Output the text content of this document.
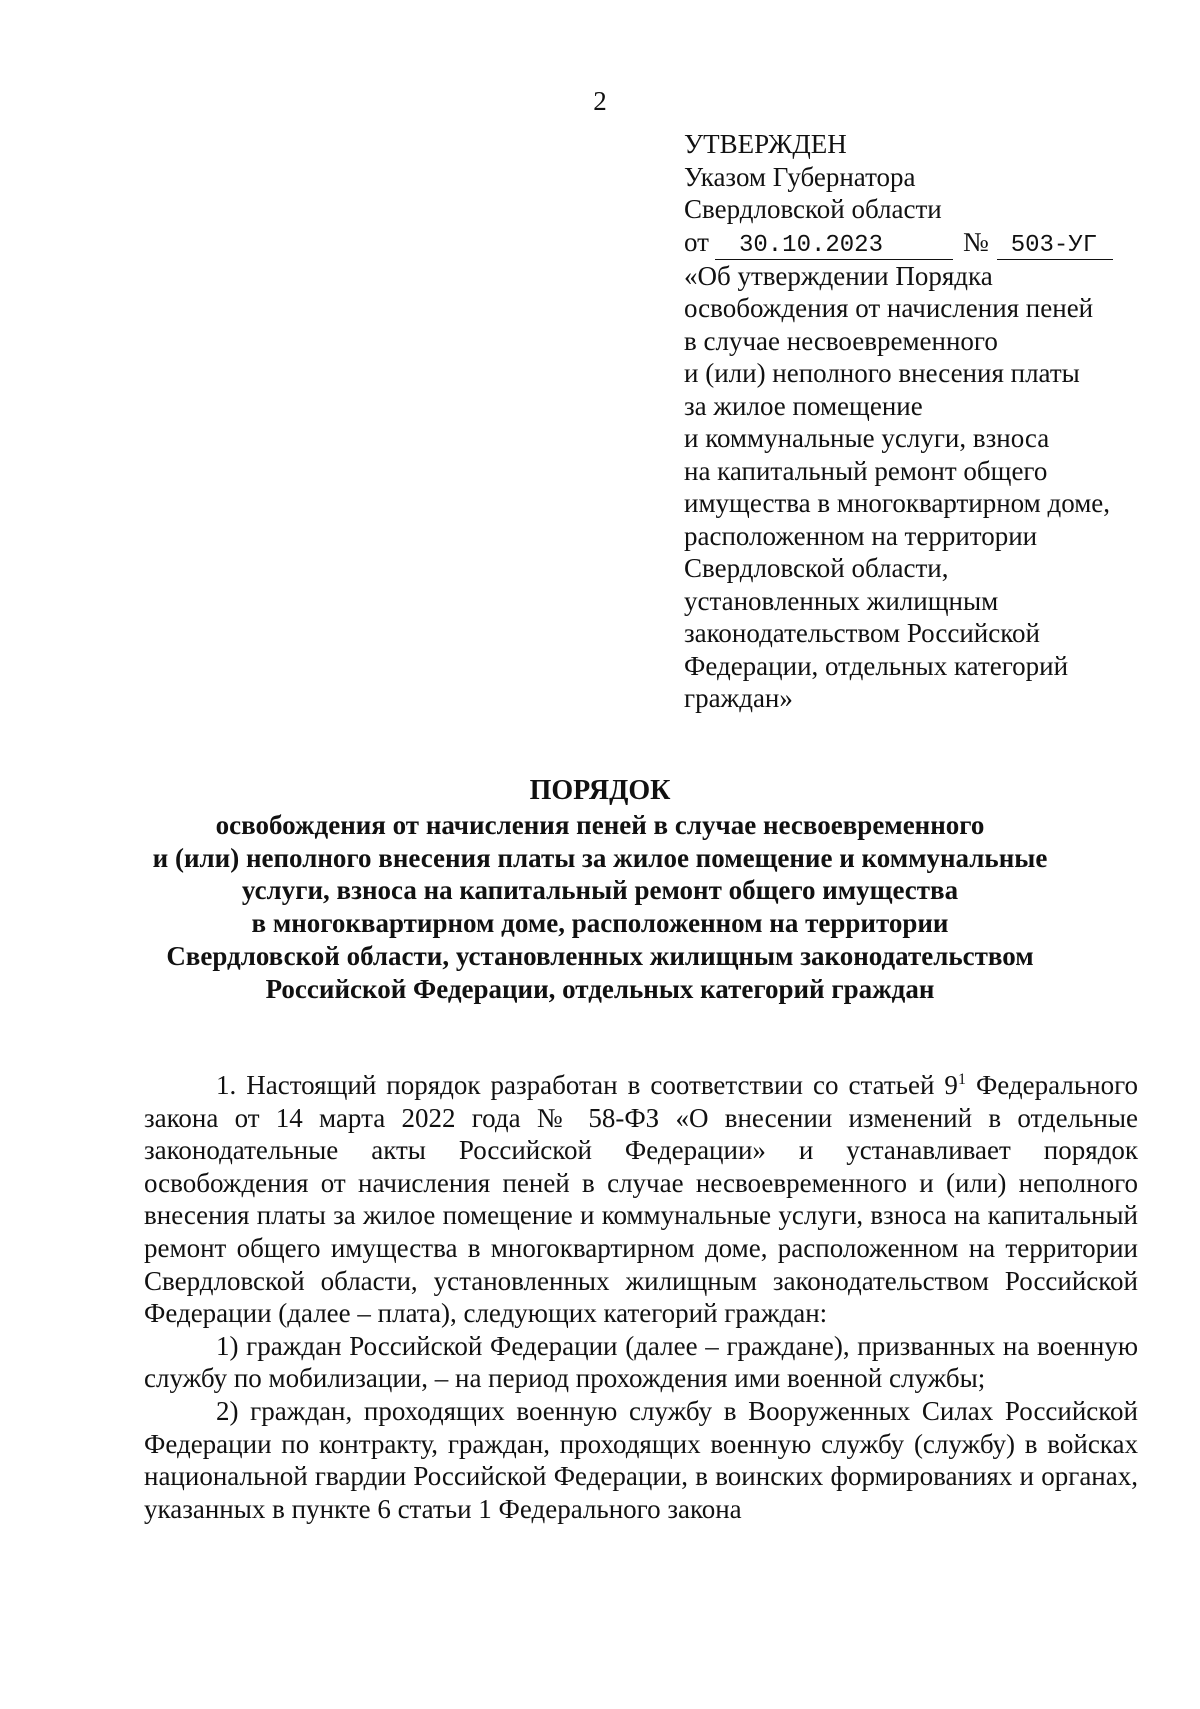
2
УТВЕРЖДЕН
Указом Губернатора
Свердловской области
от	30.10.2023	№ 503-УГ
«Об утверждении Порядка
освобождения от начисления пеней
в случае несвоевременного
и (или) неполного внесения платы
за жилое помещение
и коммунальные услуги, взноса
на капитальный ремонт общего
имущества в многоквартирном доме,
расположенном на территории
Свердловской области,
установленных жилищным
законодательством Российской
Федерации, отдельных категорий
граждан»
ПОРЯДОК
освобождения от начисления пеней в случае несвоевременного
и (или) неполного внесения платы за жилое помещение и коммунальные
услуги, взноса на капитальный ремонт общего имущества
в многоквартирном доме, расположенном на территории
Свердловской области, установленных жилищным законодательством
Российской Федерации, отдельных категорий граждан

1. Настоящий порядок разработан в соответствии со статьей $9^1$ Федерального закона от 14 марта 2022 года № 58-ФЗ «О внесении изменений в отдельные законодательные акты Российской Федерации» и устанавливает порядок освобождения от начисления пеней в случае несвоевременного и (или) неполного внесения платы за жилое помещение и коммунальные услуги, взноса на капитальный ремонт общего имущества в многоквартирном доме, расположенном на территории Свердловской области, установленных жилищным законодательством Российской Федерации (далее – плата), следующих категорий граждан:

1) граждан Российской Федерации (далее – граждане), призванных на военную службу по мобилизации, – на период прохождения ими военной службы;

2) граждан, проходящих военную службу в Вооруженных Силах Российской Федерации по контракту, граждан, проходящих военную службу (службу) в войсках национальной гвардии Российской Федерации, в воинских формированиях и органах, указанных в пункте 6 статьи 1 Федерального закона
